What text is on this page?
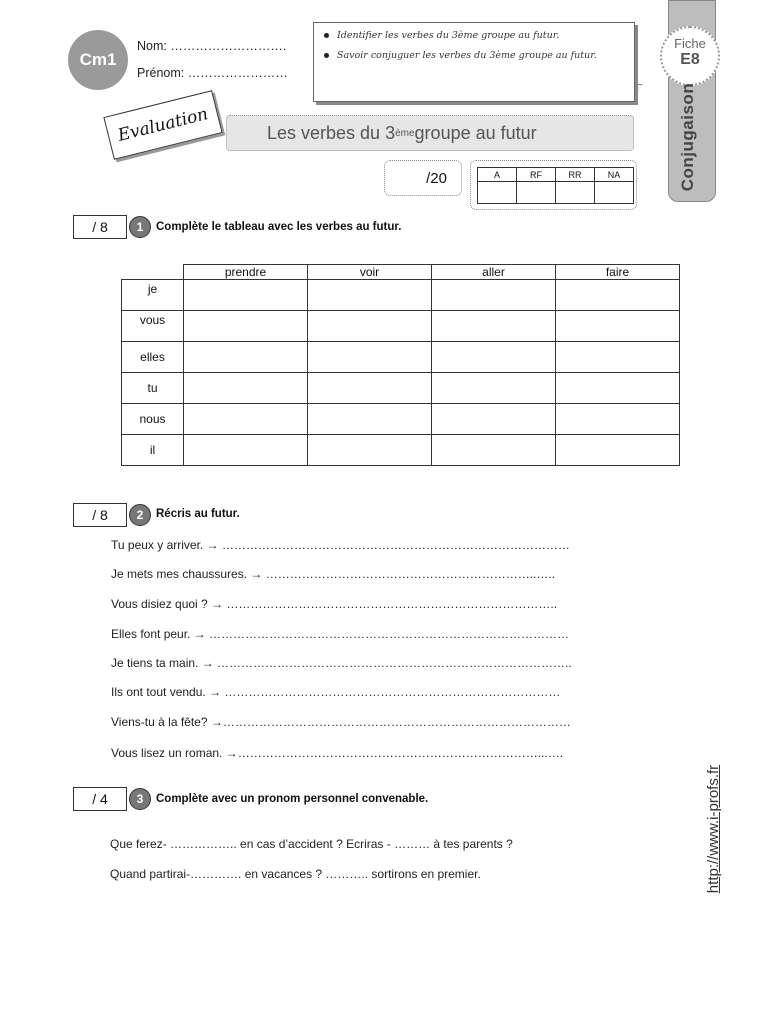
Cm1
Nom: ……………………….
Prénom: ……………………
Identifier les verbes du 3ème groupe au futur.
Savoir conjuguer les verbes du 3ème groupe au futur.
Fiche
E8
Conjugaison
Evaluation	Les verbes du 3 ème groupe au futur
/20	A	RF	RR	NA

/ 8	1	Complète le tableau avec les verbes au futur.
	prendre	voir	aller	faire
je				
vous				
elles				
tu				
nous				
il				
/ 8	2	Récris au futur.
Tu peux y arriver. → ……………………………………………………………………………
Je mets mes chaussures. → …………………………………………………………..…..
Vous disiez quoi ? → ………………………………………………………………………..
Elles font peur. → ………………………………………………………………………………
Je tiens ta main. → ……………………………………………………………………………..
Ils ont tout vendu. → …………………………………………………………………………
Viens-tu à la fête? →……………………………………………………………………………
Vous lisez un roman. →…………………………………………………………………...….
/ 4	3	Complète avec un pronom personnel convenable.
Que ferez- …………….. en cas d’accident ? Ecriras - ……… à tes parents ?
Quand partirai-…………. en vacances ? ……….. sortirons en premier.	http://www.i-profs.fr
